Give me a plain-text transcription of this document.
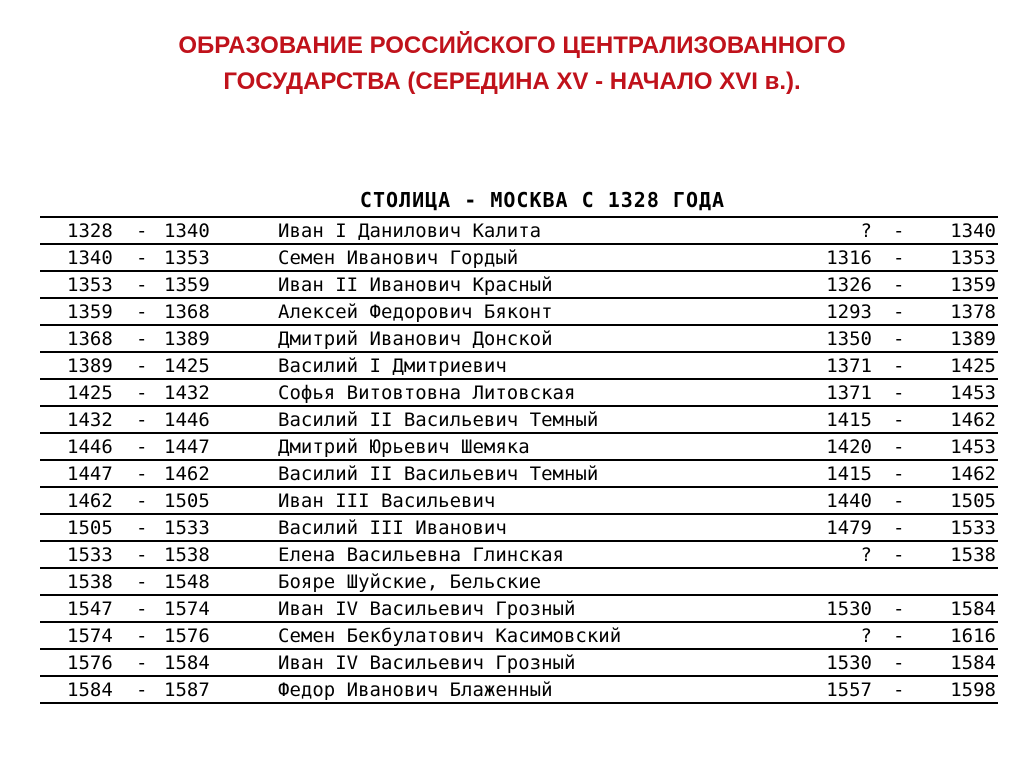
ОБРАЗОВАНИЕ РОССИЙСКОГО ЦЕНТРАЛИЗОВАННОГО
ГОСУДАРСТВА (СЕРЕДИНА XV - НАЧАЛО XVI в.).
СТОЛИЦА - МОСКВА С 1328 ГОДА
1328 - 1340	Иван I Данилович Калита	? -	1340
1340 - 1353	Семен Иванович Гордый	1316 -	1353
1353 - 1359	Иван II Иванович Красный	1326 -	1359
1359 - 1368	Алексей Федорович Бяконт	1293 -	1378
1368 - 1389	Дмитрий Иванович Донской	1350 -	1389
1389 - 1425	Василий I Дмитриевич	1371 -	1425
1425 - 1432	Софья Витовтовна Литовская	1371 -	1453
1432 - 1446	Василий II Васильевич Темный	1415 -	1462
1446 - 1447	Дмитрий Юрьевич Шемяка	1420 -	1453
1447 - 1462	Василий II Васильевич Темный	1415 -	1462
1462 - 1505	Иван III Васильевич	1440 -	1505
1505 - 1533	Василий III Иванович	1479 -	1533
1533 - 1538	Елена Васильевна Глинская	? -	1538
1538 - 1548	Бояре Шуйские, Бельские
1547 - 1574	Иван IV Васильевич Грозный	1530 -	1584
1574 - 1576	Семен Бекбулатович Касимовский	? -	1616
1576 - 1584	Иван IV Васильевич Грозный	1530 -	1584
1584 - 1587	Федор Иванович Блаженный	1557 -	1598
